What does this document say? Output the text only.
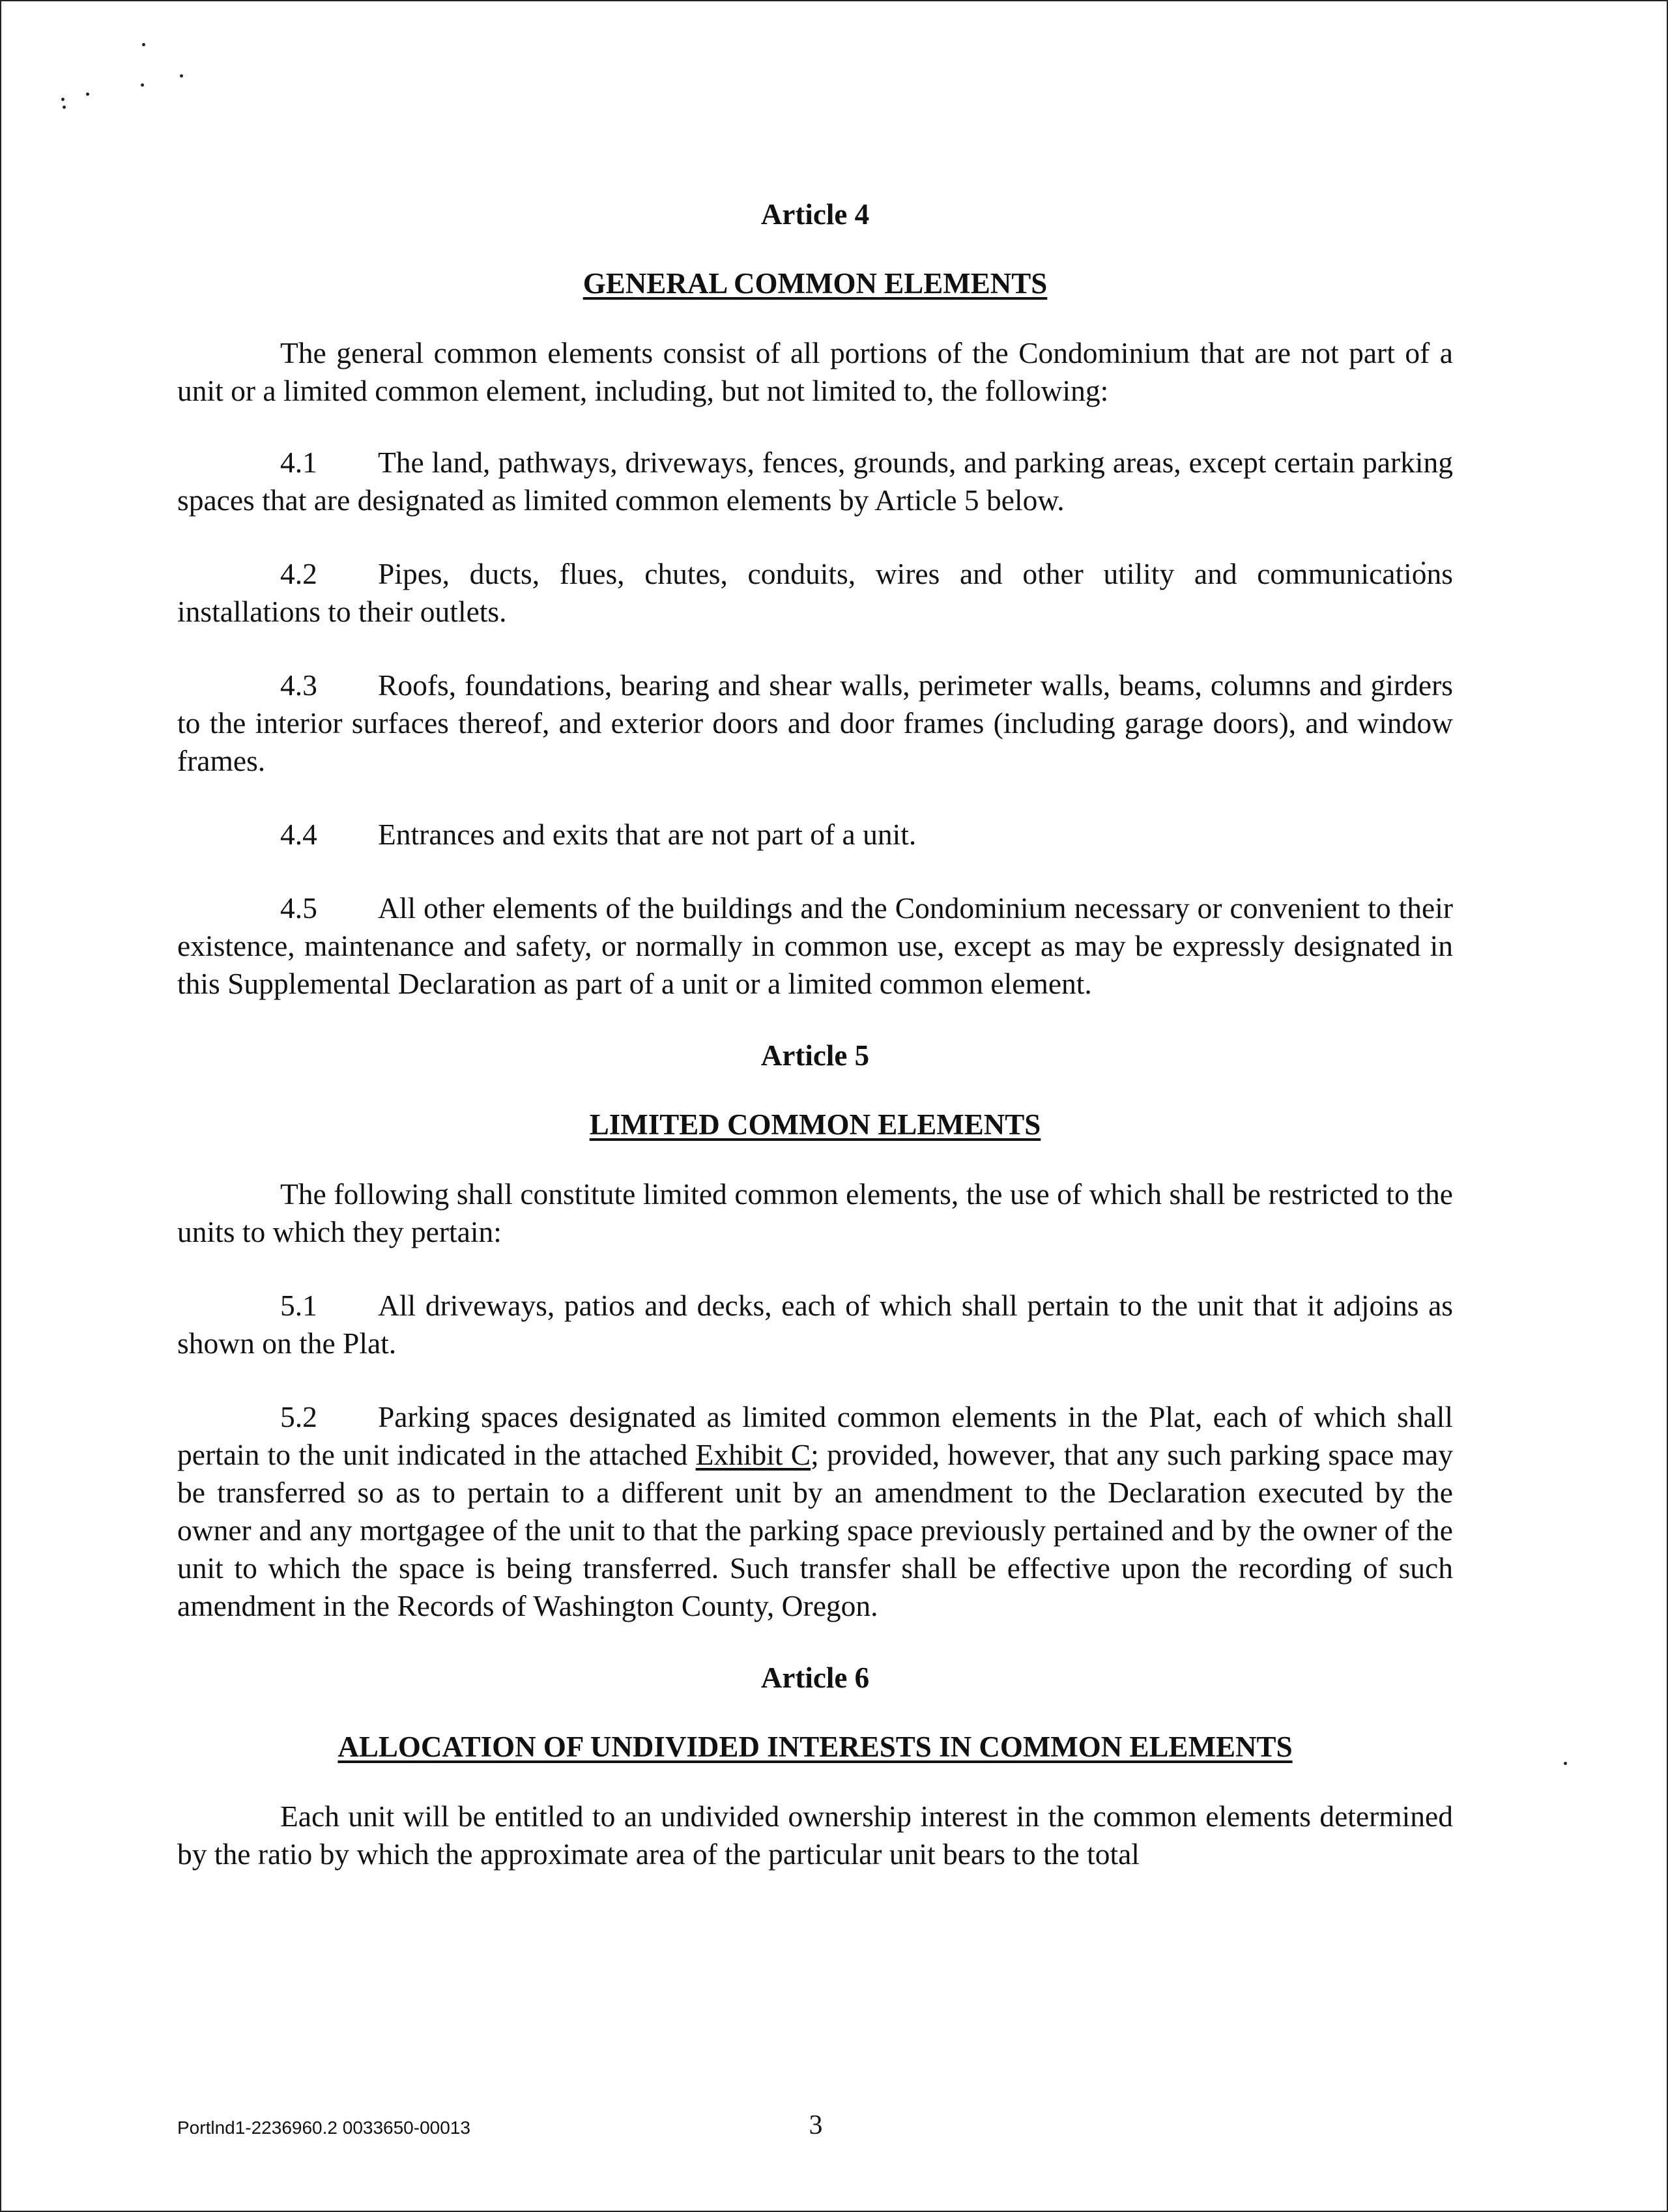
Article 4

GENERAL COMMON ELEMENTS

The general common elements consist of all portions of the Condominium that are not part of a unit or a limited common element, including, but not limited to, the following:

4.1 The land, pathways, driveways, fences, grounds, and parking areas, except certain parking spaces that are designated as limited common elements by Article 5 below.

4.2 Pipes, ducts, flues, chutes, conduits, wires and other utility and communications installations to their outlets.

4.3 Roofs, foundations, bearing and shear walls, perimeter walls, beams, columns and girders to the interior surfaces thereof, and exterior doors and door frames (including garage doors), and window frames.

4.4 Entrances and exits that are not part of a unit.

4.5 All other elements of the buildings and the Condominium necessary or convenient to their existence, maintenance and safety, or normally in common use, except as may be expressly designated in this Supplemental Declaration as part of a unit or a limited common element.

Article 5

LIMITED COMMON ELEMENTS

The following shall constitute limited common elements, the use of which shall be restricted to the units to which they pertain:

5.1 All driveways, patios and decks, each of which shall pertain to the unit that it adjoins as shown on the Plat.

5.2 Parking spaces designated as limited common elements in the Plat, each of which shall pertain to the unit indicated in the attached Exhibit C; provided, however, that any such parking space may be transferred so as to pertain to a different unit by an amendment to the Declaration executed by the owner and any mortgagee of the unit to that the parking space previously pertained and by the owner of the unit to which the space is being transferred. Such transfer shall be effective upon the recording of such amendment in the Records of Washington County, Oregon.

Article 6

ALLOCATION OF UNDIVIDED INTERESTS IN COMMON ELEMENTS

Each unit will be entitled to an undivided ownership interest in the common elements determined by the ratio by which the approximate area of the particular unit bears to the total

Portlnd1-2236960.2 0033650-00013	3
